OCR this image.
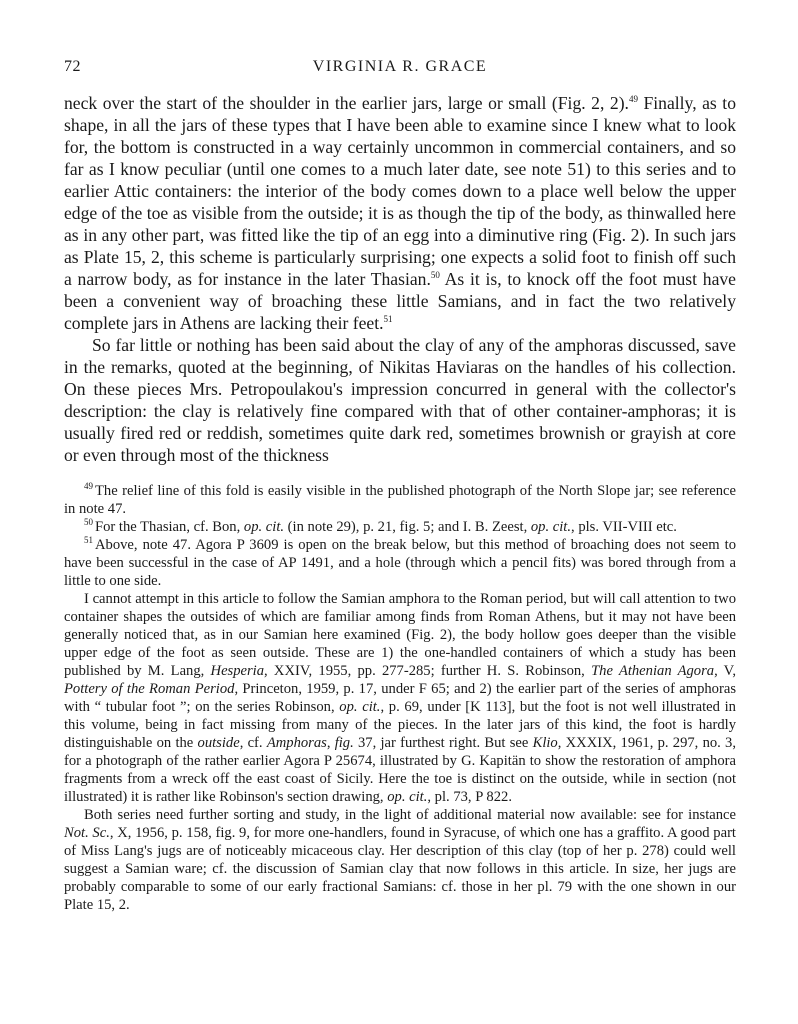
72	VIRGINIA R. GRACE

neck over the start of the shoulder in the earlier jars, large or small (Fig. 2, 2).$^{49}$ Finally, as to shape, in all the jars of these types that I have been able to examine since I knew what to look for, the bottom is constructed in a way certainly uncommon in commercial containers, and so far as I know peculiar (until one comes to a much later date, see note 51) to this series and to earlier Attic containers: the interior of the body comes down to a place well below the upper edge of the toe as visible from the outside; it is as though the tip of the body, as thinwalled here as in any other part, was fitted like the tip of an egg into a diminutive ring (Fig. 2). In such jars as Plate 15, 2, this scheme is particularly surprising; one expects a solid foot to finish off such a narrow body, as for instance in the later Thasian.$^{50}$ As it is, to knock off the foot must have been a convenient way of broaching these little Samians, and in fact the two relatively complete jars in Athens are lacking their feet.$^{51}$

So far little or nothing has been said about the clay of any of the amphoras discussed, save in the remarks, quoted at the beginning, of Nikitas Haviaras on the handles of his collection. On these pieces Mrs. Petropoulakou's impression concurred in general with the collector's description: the clay is relatively fine compared with that of other container-amphoras; it is usually fired red or reddish, sometimes quite dark red, sometimes brownish or grayish at core or even through most of the thickness

$^{49}$ The relief line of this fold is easily visible in the published photograph of the North Slope jar; see reference in note 47.

$^{50}$ For the Thasian, cf. Bon, op. cit. (in note 29), p. 21, fig. 5; and I. B. Zeest, op. cit., pls. VII-VIII etc.

$^{51}$ Above, note 47. Agora P 3609 is open on the break below, but this method of broaching does not seem to have been successful in the case of AP 1491, and a hole (through which a pencil fits) was bored through from a little to one side.

I cannot attempt in this article to follow the Samian amphora to the Roman period, but will call attention to two container shapes the outsides of which are familiar among finds from Roman Athens, but it may not have been generally noticed that, as in our Samian here examined (Fig. 2), the body hollow goes deeper than the visible upper edge of the foot as seen outside. These are 1) the one-handled containers of which a study has been published by M. Lang, Hesperia, XXIV, 1955, pp. 277-285; further H. S. Robinson, The Athenian Agora, V, Pottery of the Roman Period, Princeton, 1959, p. 17, under F 65; and 2) the earlier part of the series of amphoras with “ tubular foot ”; on the series Robinson, op. cit., p. 69, under [K 113], but the foot is not well illustrated in this volume, being in fact missing from many of the pieces. In the later jars of this kind, the foot is hardly distinguishable on the outside, cf. Amphoras, fig. 37, jar furthest right. But see Klio, XXXIX, 1961, p. 297, no. 3, for a photograph of the rather earlier Agora P 25674, illustrated by G. Kapitän to show the restoration of amphora fragments from a wreck off the east coast of Sicily. Here the toe is distinct on the outside, while in section (not illustrated) it is rather like Robinson's section drawing, op. cit., pl. 73, P 822.

Both series need further sorting and study, in the light of additional material now available: see for instance Not. Sc., X, 1956, p. 158, fig. 9, for more one-handlers, found in Syracuse, of which one has a graffito. A good part of Miss Lang's jugs are of noticeably micaceous clay. Her description of this clay (top of her p. 278) could well suggest a Samian ware; cf. the discussion of Samian clay that now follows in this article. In size, her jugs are probably comparable to some of our early fractional Samians: cf. those in her pl. 79 with the one shown in our Plate 15, 2.
